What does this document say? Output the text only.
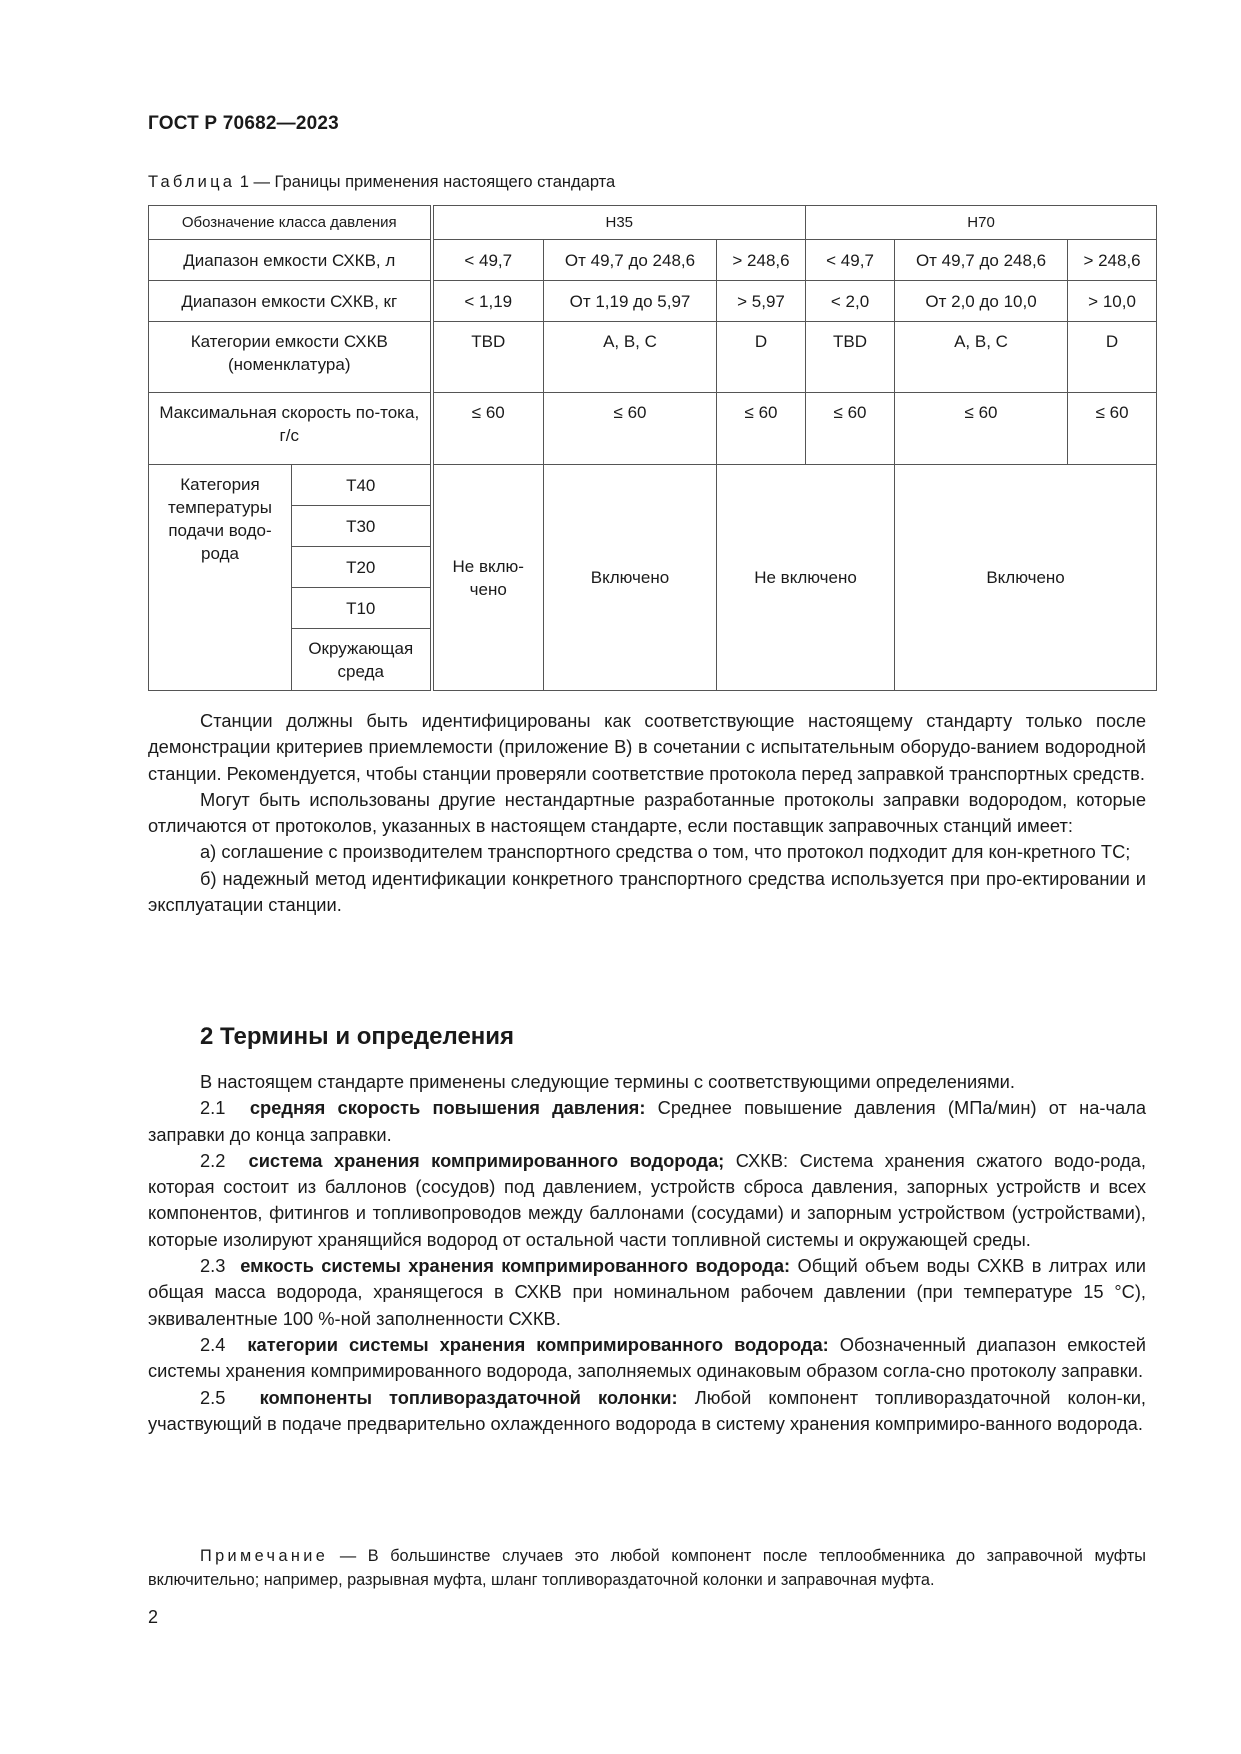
ГОСТ Р 70682—2023
Таблица 1 — Границы применения настоящего стандарта
Обозначение класса давления		H35			H70		
Диапазон емкости СХКВ, л		< 49,7	От 49,7 до 248,6	> 248,6	< 49,7	От 49,7 до 248,6	> 248,6
Диапазон емкости СХКВ, кг		< 1,19	От 1,19 до 5,97	> 5,97	< 2,0	От 2,0 до 10,0	> 10,0
Категории емкости СХКВ (номенклатура)		TBD	A, B, C	D	TBD	A, B, C	D
Максимальная скорость по-тока, г/с		≤ 60	≤ 60	≤ 60	≤ 60	≤ 60	≤ 60
Категория температуры подачи водо-рода	T40	Не вклю-чено	Включено	Не включено		Включено	
	T30						
	T20						
	T10						
	Окружающая среда						

Станции должны быть идентифицированы как соответствующие настоящему стандарту только после демонстрации критериев приемлемости (приложение В) в сочетании с испытательным оборудо-ванием водородной станции. Рекомендуется, чтобы станции проверяли соответствие протокола перед заправкой транспортных средств.

Могут быть использованы другие нестандартные разработанные протоколы заправки водородом, которые отличаются от протоколов, указанных в настоящем стандарте, если поставщик заправочных станций имеет:

а) соглашение с производителем транспортного средства о том, что протокол подходит для кон-кретного ТС;

б) надежный метод идентификации конкретного транспортного средства используется при про-ектировании и эксплуатации станции.

2 Термины и определения

В настоящем стандарте применены следующие термины с соответствующими определениями.

2.1 средняя скорость повышения давления: Среднее повышение давления (МПа/мин) от на-чала заправки до конца заправки.

2.2 система хранения компримированного водорода; СХКВ: Система хранения сжатого водо-рода, которая состоит из баллонов (сосудов) под давлением, устройств сброса давления, запорных устройств и всех компонентов, фитингов и топливопроводов между баллонами (сосудами) и запорным устройством (устройствами), которые изолируют хранящийся водород от остальной части топливной системы и окружающей среды.

2.3 емкость системы хранения компримированного водорода: Общий объем воды СХКВ в литрах или общая масса водорода, хранящегося в СХКВ при номинальном рабочем давлении (при температуре 15 °C), эквивалентные 100 %-ной заполненности СХКВ.

2.4 категории системы хранения компримированного водорода: Обозначенный диапазон емкостей системы хранения компримированного водорода, заполняемых одинаковым образом согла-сно протоколу заправки.

2.5 компоненты топливораздаточной колонки: Любой компонент топливораздаточной колон-ки, участвующий в подаче предварительно охлажденного водорода в систему хранения компримиро-ванного водорода.

Примечание — В большинстве случаев это любой компонент после теплообменника до заправочной муфты включительно; например, разрывная муфта, шланг топливораздаточной колонки и заправочная муфта.
2
